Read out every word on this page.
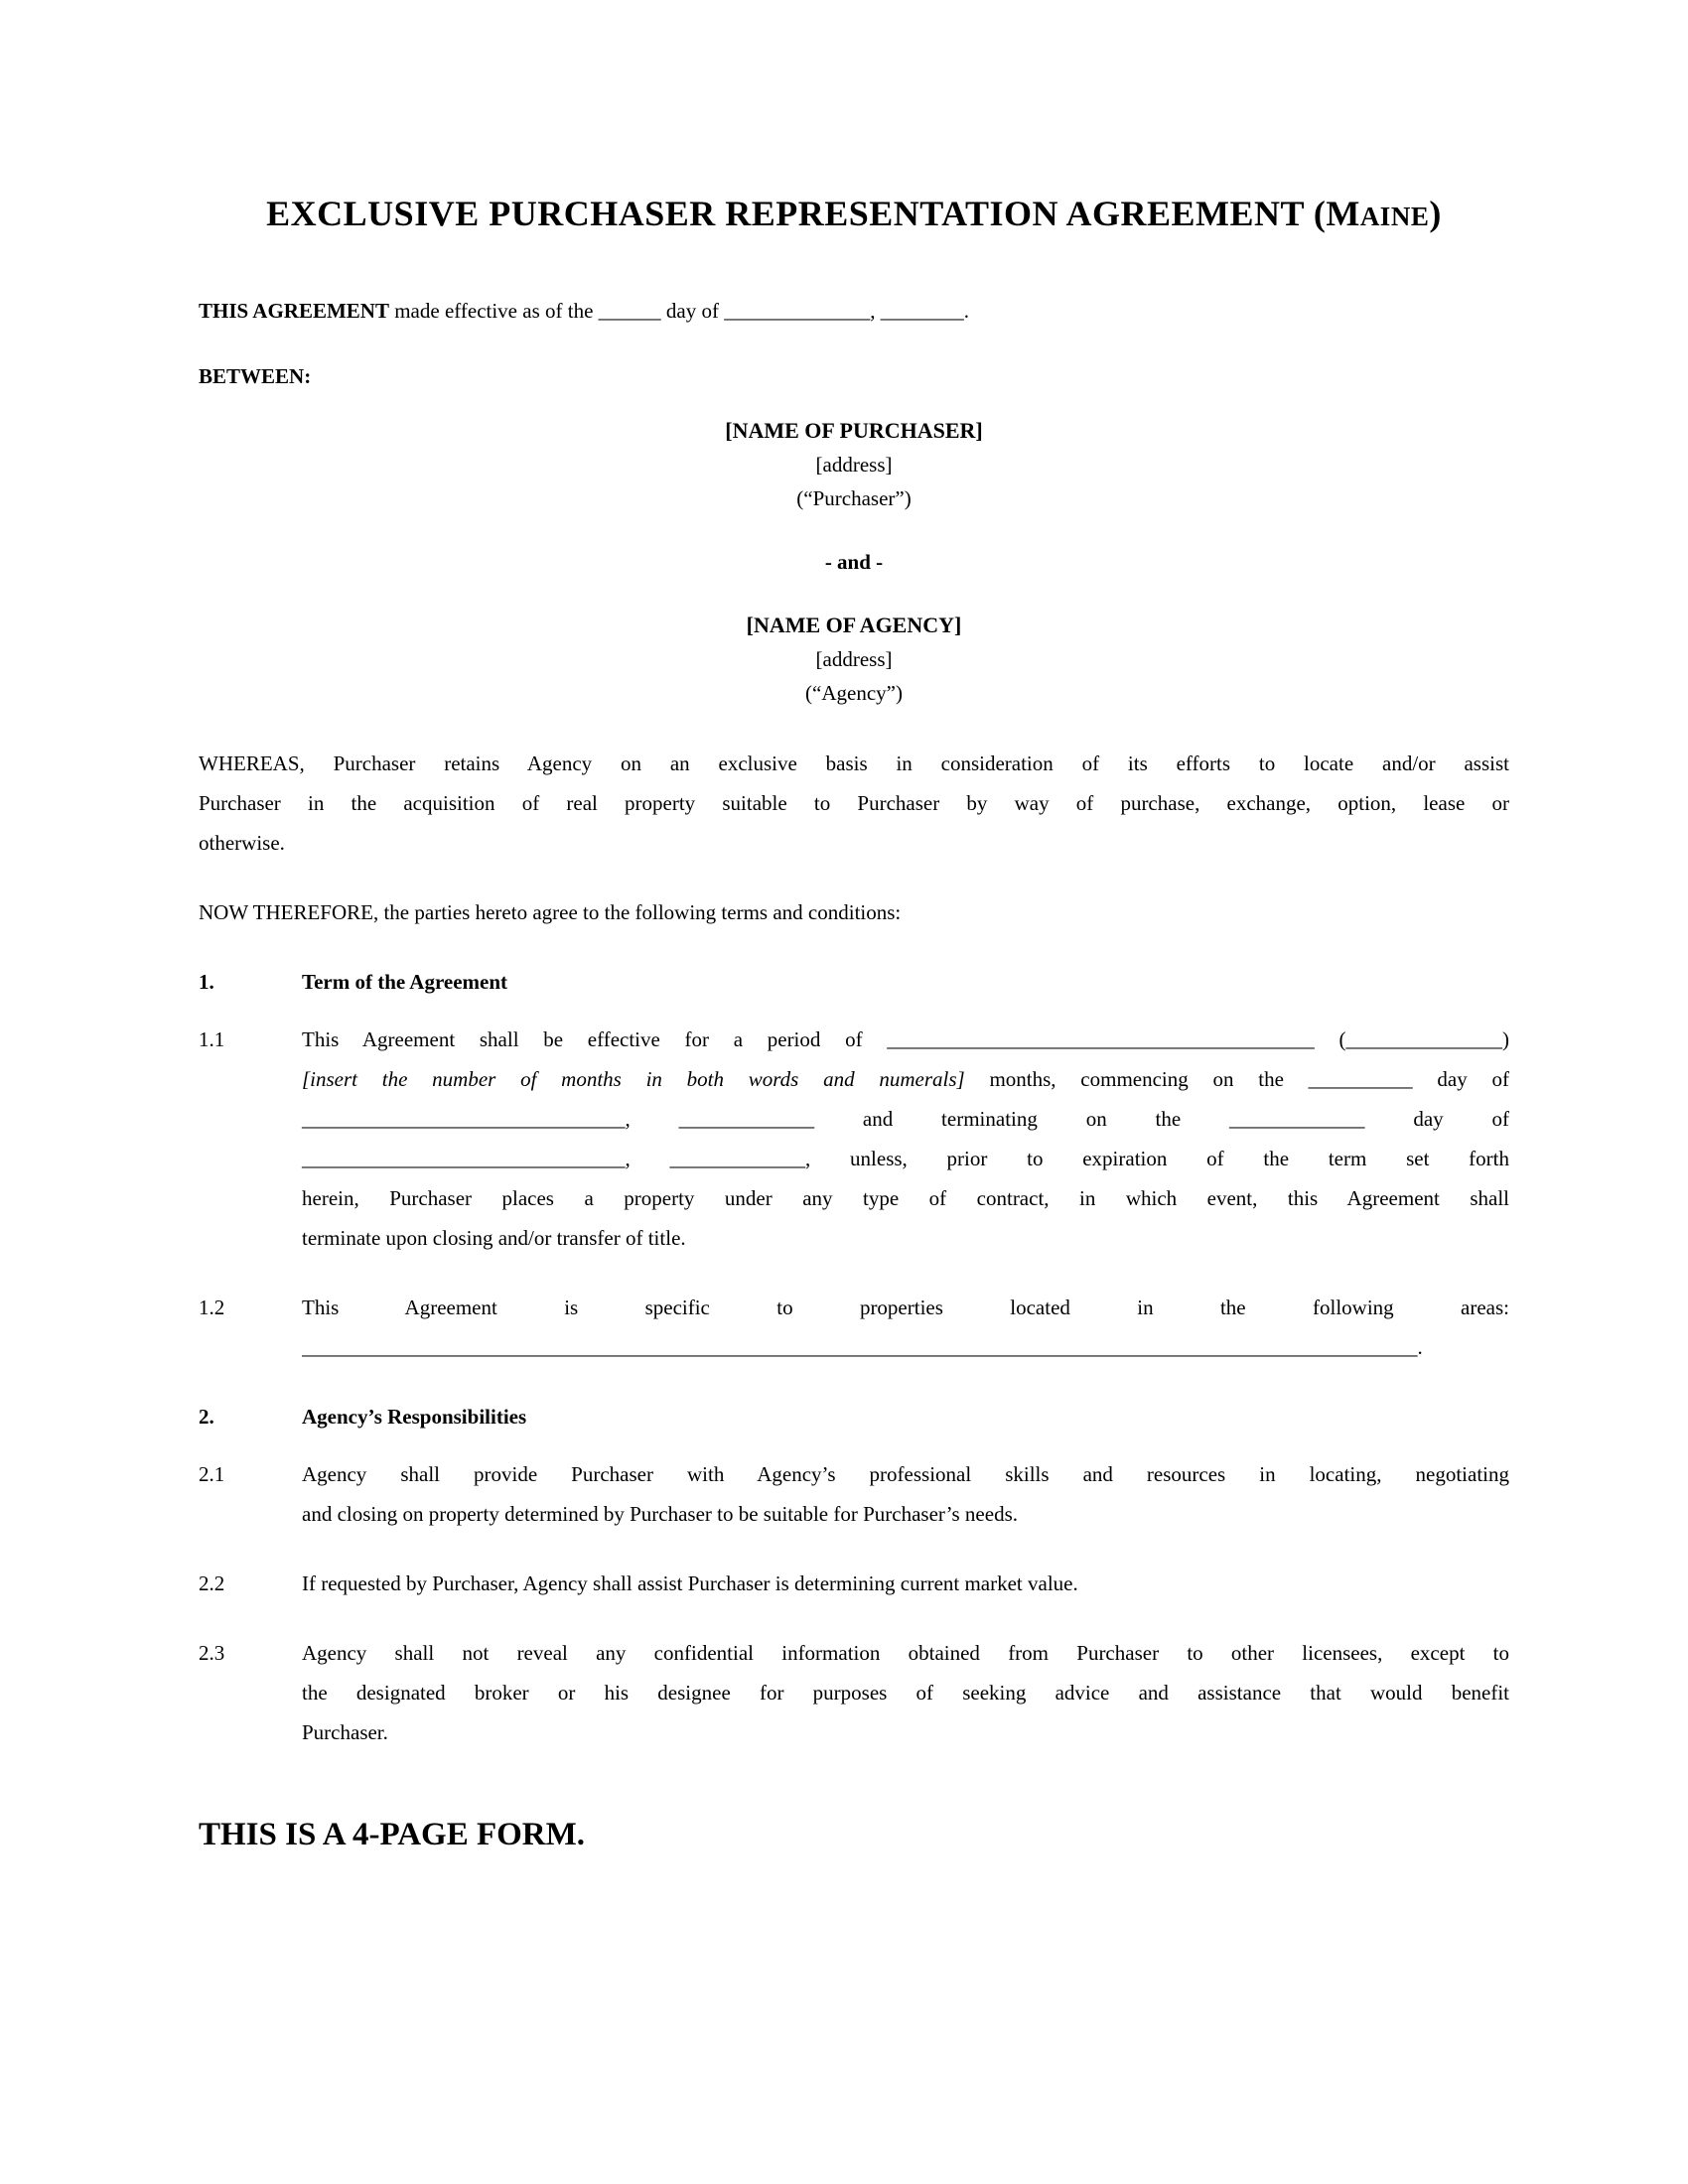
EXCLUSIVE PURCHASER REPRESENTATION AGREEMENT (MAINE)
THIS AGREEMENT made effective as of the ______ day of ______________, ________.
BETWEEN:
[NAME OF PURCHASER]
[address]
(“Purchaser”)
- and -
[NAME OF AGENCY]
[address]
(“Agency”)
WHEREAS, Purchaser retains Agency on an exclusive basis in consideration of its efforts to locate and/or assist
Purchaser in the acquisition of real property suitable to Purchaser by way of purchase, exchange, option, lease or
otherwise.
NOW THEREFORE, the parties hereto agree to the following terms and conditions:
1.	Term of the Agreement
1.1	This Agreement shall be effective for a period of _________________________________________ (_______________)
[insert the number of months in both words and numerals] months, commencing on the __________ day of
_______________________________, _____________ and terminating on the _____________ day of
_______________________________, _____________, unless, prior to expiration of the term set forth
herein, Purchaser places a property under any type of contract, in which event, this Agreement shall
terminate upon closing and/or transfer of title.
1.2	This Agreement is specific to properties located in the following areas:
___________________________________________________________________________________________________________.
2.	Agency’s Responsibilities
2.1	Agency shall provide Purchaser with Agency’s professional skills and resources in locating, negotiating
and closing on property determined by Purchaser to be suitable for Purchaser’s needs.
2.2	If requested by Purchaser, Agency shall assist Purchaser is determining current market value.
2.3	Agency shall not reveal any confidential information obtained from Purchaser to other licensees, except to
the designated broker or his designee for purposes of seeking advice and assistance that would benefit
Purchaser.
THIS IS A 4-PAGE FORM.
